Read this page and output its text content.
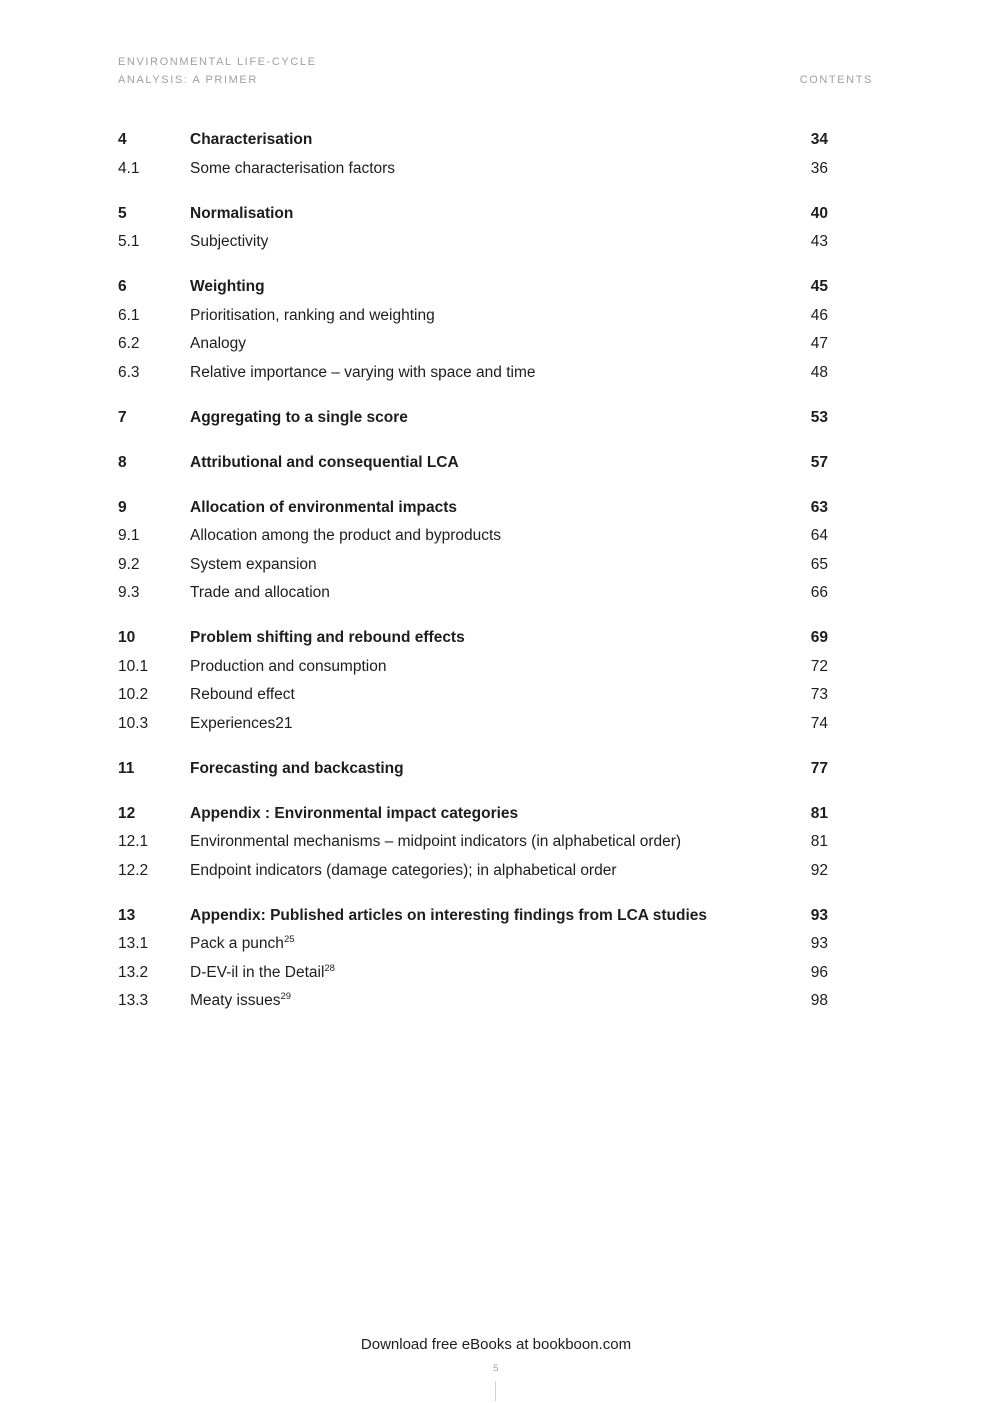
ENVIRONMENTAL LIFE-CYCLE
ANALYSIS: A PRIMER	CONTENTS
4	Characterisation	34
4.1	Some characterisation factors	36
5	Normalisation	40
5.1	Subjectivity	43
6	Weighting	45
6.1	Prioritisation, ranking and weighting	46
6.2	Analogy	47
6.3	Relative importance – varying with space and time	48
7	Aggregating to a single score	53
8	Attributional and consequential LCA	57
9	Allocation of environmental impacts	63
9.1	Allocation among the product and byproducts	64
9.2	System expansion	65
9.3	Trade and allocation	66
10	Problem shifting and rebound effects	69
10.1	Production and consumption	72
10.2	Rebound effect	73
10.3	Experiences21	74
11	Forecasting and backcasting	77
12	Appendix : Environmental impact categories	81
12.1	Environmental mechanisms – midpoint indicators (in alphabetical order)	81
12.2	Endpoint indicators (damage categories); in alphabetical order	92
13	Appendix: Published articles on interesting findings from LCA studies	93
13.1	Pack a punch$^{25}$	93
13.2	D-EV-il in the Detail$^{28}$	96
13.3	Meaty issues$^{29}$	98
Download free eBooks at bookboon.com
5
